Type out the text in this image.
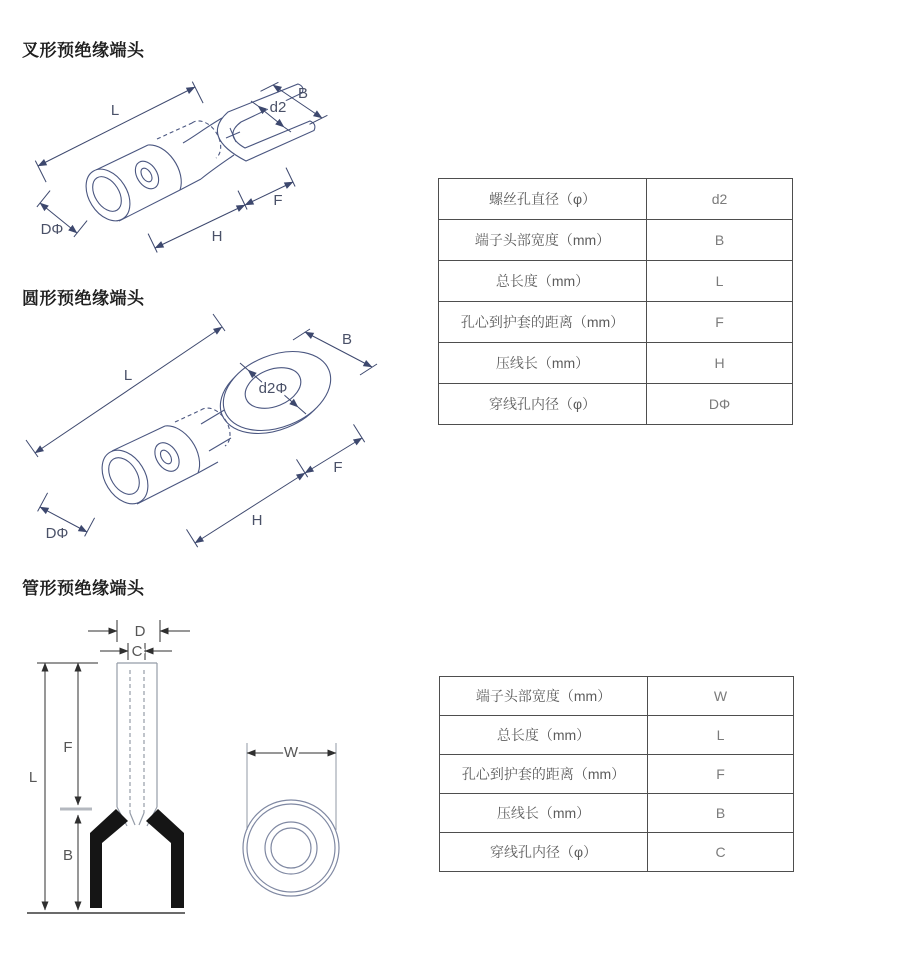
叉形预绝缘端头
L
B
d2
F
H
DΦ
螺丝孔直径（φ）	d2
端子头部宽度（mm）	B
总长度（mm）	L
孔心到护套的距离（mm）	F
压线长（mm）	H
穿线孔内径（φ）	DΦ
圆形预绝缘端头
L
B
d2Φ
F
H
DΦ
管形预绝缘端头
D
C
L
F
B
W
端子头部宽度（mm）	W
总长度（mm）	L
孔心到护套的距离（mm）	F
压线长（mm）	B
穿线孔内径（φ）	C
